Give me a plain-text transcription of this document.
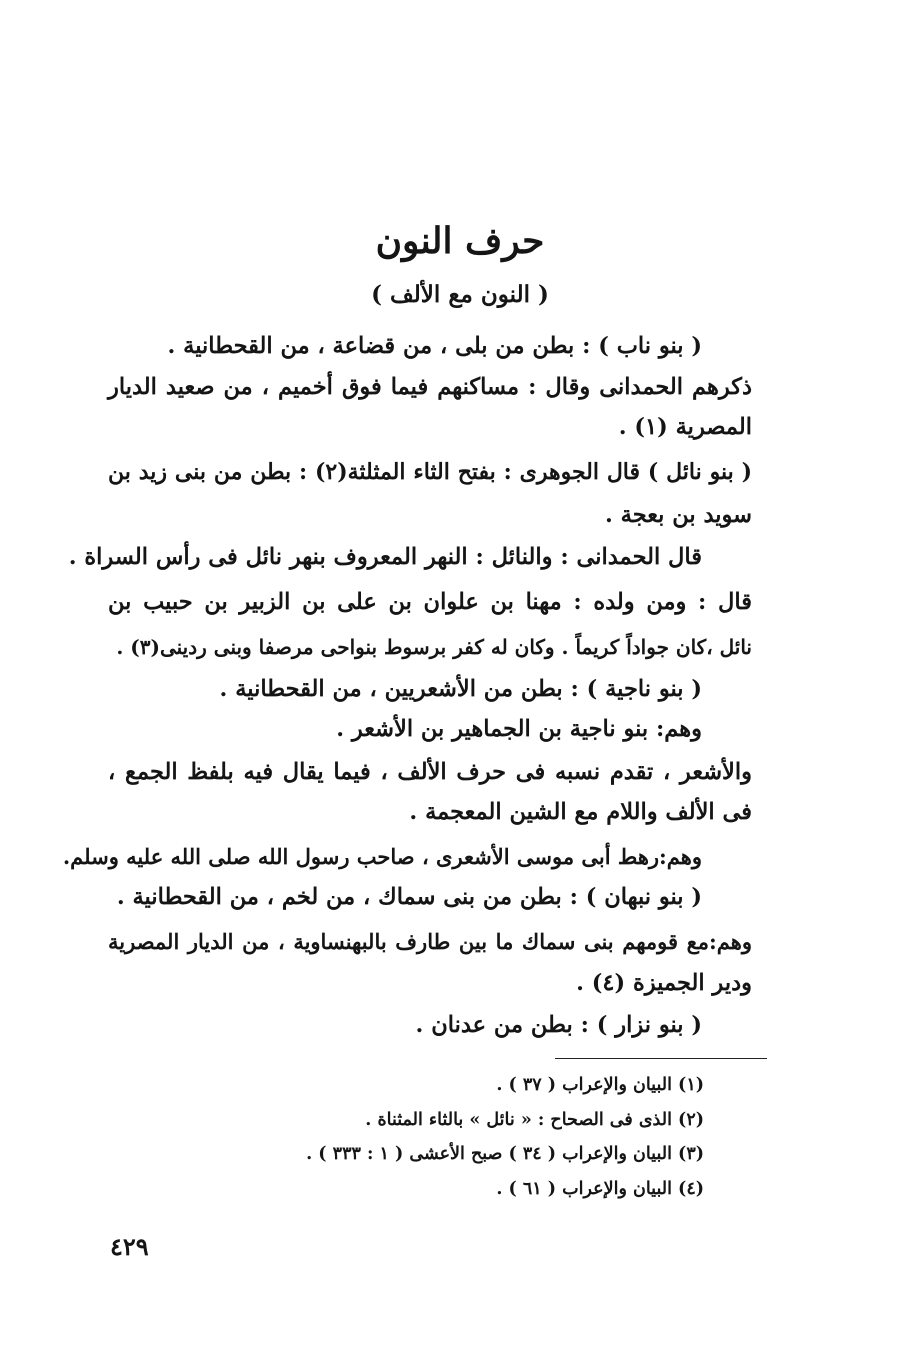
حرف النون
( النون مع الألف )
( بنو ناب ) : بطن من بلى ، من قضاعة ، من القحطانية .
ذكرهم الحمدانى وقال : مساكنهم فيما فوق أخميم ، من صعيد الديار
المصرية (١) .
( بنو نائل ) قال الجوهرى : بفتح الثاء المثلثة(٢) : بطن من بنى زيد بن
سويد بن بعجة .
قال الحمدانى : والنائل : النهر المعروف بنهر نائل فى رأس السراة .
قال : ومن ولده : مهنا بن علوان بن على بن الزبير بن حبيب بن
نائل ،كان جواداً كريماً . وكان له كفر برسوط بنواحى مرصفا وبنى ردينى(٣) .
( بنو ناجية ) : بطن من الأشعريين ، من القحطانية .
وهم: بنو ناجية بن الجماهير بن الأشعر .
والأشعر ، تقدم نسبه فى حرف الألف ، فيما يقال فيه بلفظ الجمع ،
فى الألف واللام مع الشين المعجمة .
وهم:رهط أبى موسى الأشعرى ، صاحب رسول الله صلى الله عليه وسلم.
( بنو نبهان ) : بطن من بنى سماك ، من لخم ، من القحطانية .
وهم:مع قومهم بنى سماك ما بين طارف بالبهنساوية ، من الديار المصرية
ودير الجميزة (٤) .
( بنو نزار ) : بطن من عدنان .
(١) البيان والإعراب ( ٣٧ ) .
(٢) الذى فى الصحاح : « نائل » بالثاء المثناة .
(٣) البيان والإعراب ( ٣٤ ) صبح الأعشى ( ١ : ٣٣٣ ) .
(٤) البيان والإعراب ( ٦١ ) .
٤٢٩
